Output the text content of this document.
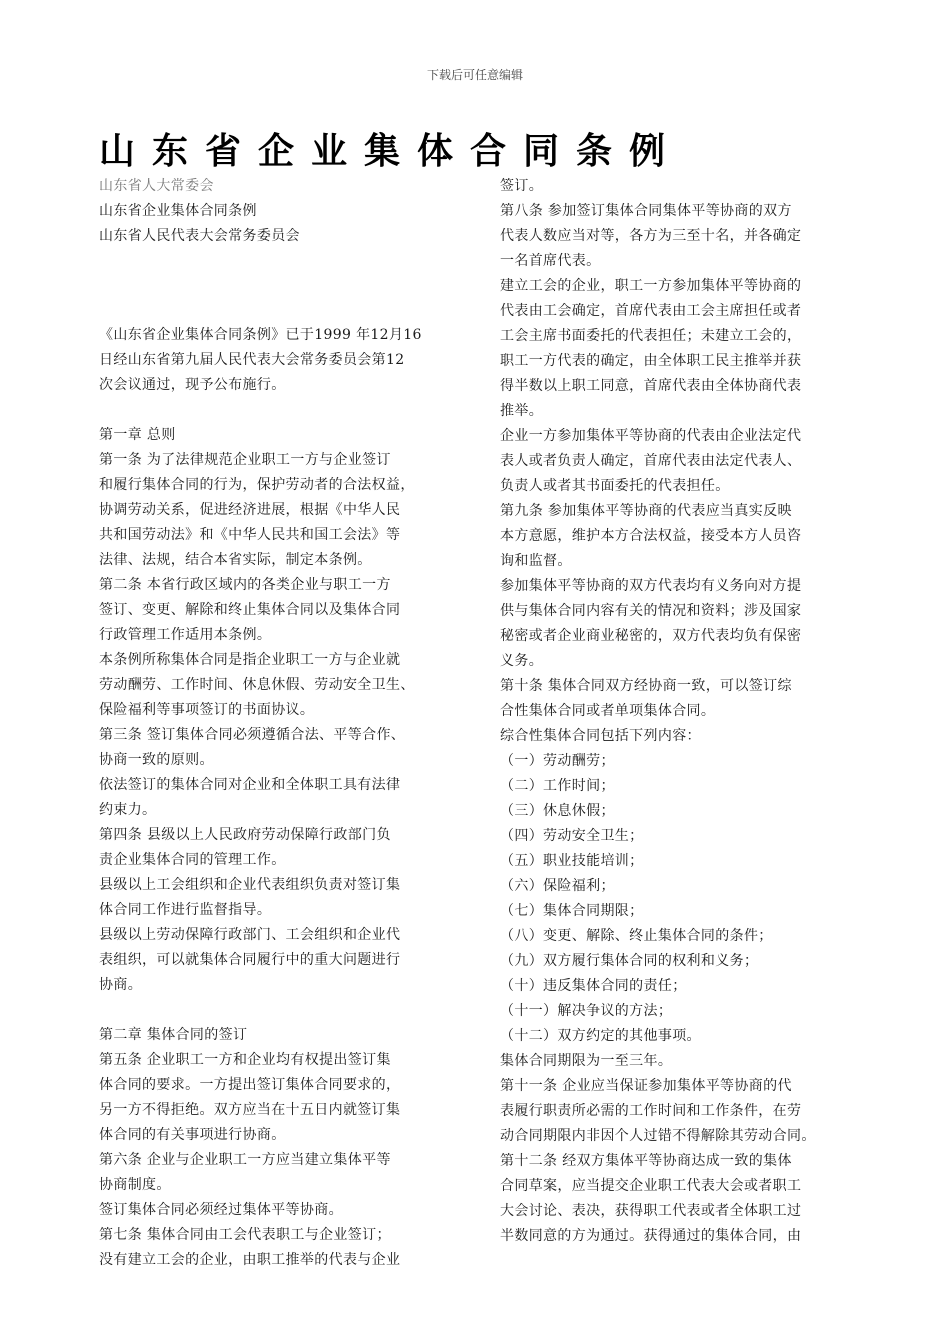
下载后可任意编辑
山东省企业集体合同条例
山东省人大常委会
山东省企业集体合同条例
山东省人民代表大会常务委员会
《山东省企业集体合同条例》已于1999 年12月16
日经山东省第九届人民代表大会常务委员会第12
次会议通过，现予公布施行。
第一章 总则
第一条 为了法律规范企业职工一方与企业签订
和履行集体合同的行为，保护劳动者的合法权益，
协调劳动关系，促进经济进展，根据《中华人民
共和国劳动法》和《中华人民共和国工会法》等
法律、法规，结合本省实际，制定本条例。
第二条 本省行政区域内的各类企业与职工一方
签订、变更、解除和终止集体合同以及集体合同
行政管理工作适用本条例。
本条例所称集体合同是指企业职工一方与企业就
劳动酬劳、工作时间、休息休假、劳动安全卫生、
保险福利等事项签订的书面协议。
第三条 签订集体合同必须遵循合法、平等合作、
协商一致的原则。
依法签订的集体合同对企业和全体职工具有法律
约束力。
第四条 县级以上人民政府劳动保障行政部门负
责企业集体合同的管理工作。
县级以上工会组织和企业代表组织负责对签订集
体合同工作进行监督指导。
县级以上劳动保障行政部门、工会组织和企业代
表组织，可以就集体合同履行中的重大问题进行
协商。
第二章 集体合同的签订
第五条 企业职工一方和企业均有权提出签订集
体合同的要求。一方提出签订集体合同要求的，
另一方不得拒绝。双方应当在十五日内就签订集
体合同的有关事项进行协商。
第六条 企业与企业职工一方应当建立集体平等
协商制度。
签订集体合同必须经过集体平等协商。
第七条 集体合同由工会代表职工与企业签订；
没有建立工会的企业，由职工推举的代表与企业
签订。
第八条 参加签订集体合同集体平等协商的双方
代表人数应当对等，各方为三至十名，并各确定
一名首席代表。
建立工会的企业，职工一方参加集体平等协商的
代表由工会确定，首席代表由工会主席担任或者
工会主席书面委托的代表担任；未建立工会的，
职工一方代表的确定，由全体职工民主推举并获
得半数以上职工同意，首席代表由全体协商代表
推举。
企业一方参加集体平等协商的代表由企业法定代
表人或者负责人确定，首席代表由法定代表人、
负责人或者其书面委托的代表担任。
第九条 参加集体平等协商的代表应当真实反映
本方意愿，维护本方合法权益，接受本方人员咨
询和监督。
参加集体平等协商的双方代表均有义务向对方提
供与集体合同内容有关的情况和资料；涉及国家
秘密或者企业商业秘密的，双方代表均负有保密
义务。
第十条 集体合同双方经协商一致，可以签订综
合性集体合同或者单项集体合同。
综合性集体合同包括下列内容：
（一）劳动酬劳；
（二）工作时间；
（三）休息休假；
（四）劳动安全卫生；
（五）职业技能培训；
（六）保险福利；
（七）集体合同期限；
（八）变更、解除、终止集体合同的条件；
（九）双方履行集体合同的权利和义务；
（十）违反集体合同的责任；
（十一）解决争议的方法；
（十二）双方约定的其他事项。
集体合同期限为一至三年。
第十一条 企业应当保证参加集体平等协商的代
表履行职责所必需的工作时间和工作条件，在劳
动合同期限内非因个人过错不得解除其劳动合同。
第十二条 经双方集体平等协商达成一致的集体
合同草案，应当提交企业职工代表大会或者职工
大会讨论、表决，获得职工代表或者全体职工过
半数同意的方为通过。获得通过的集体合同，由
